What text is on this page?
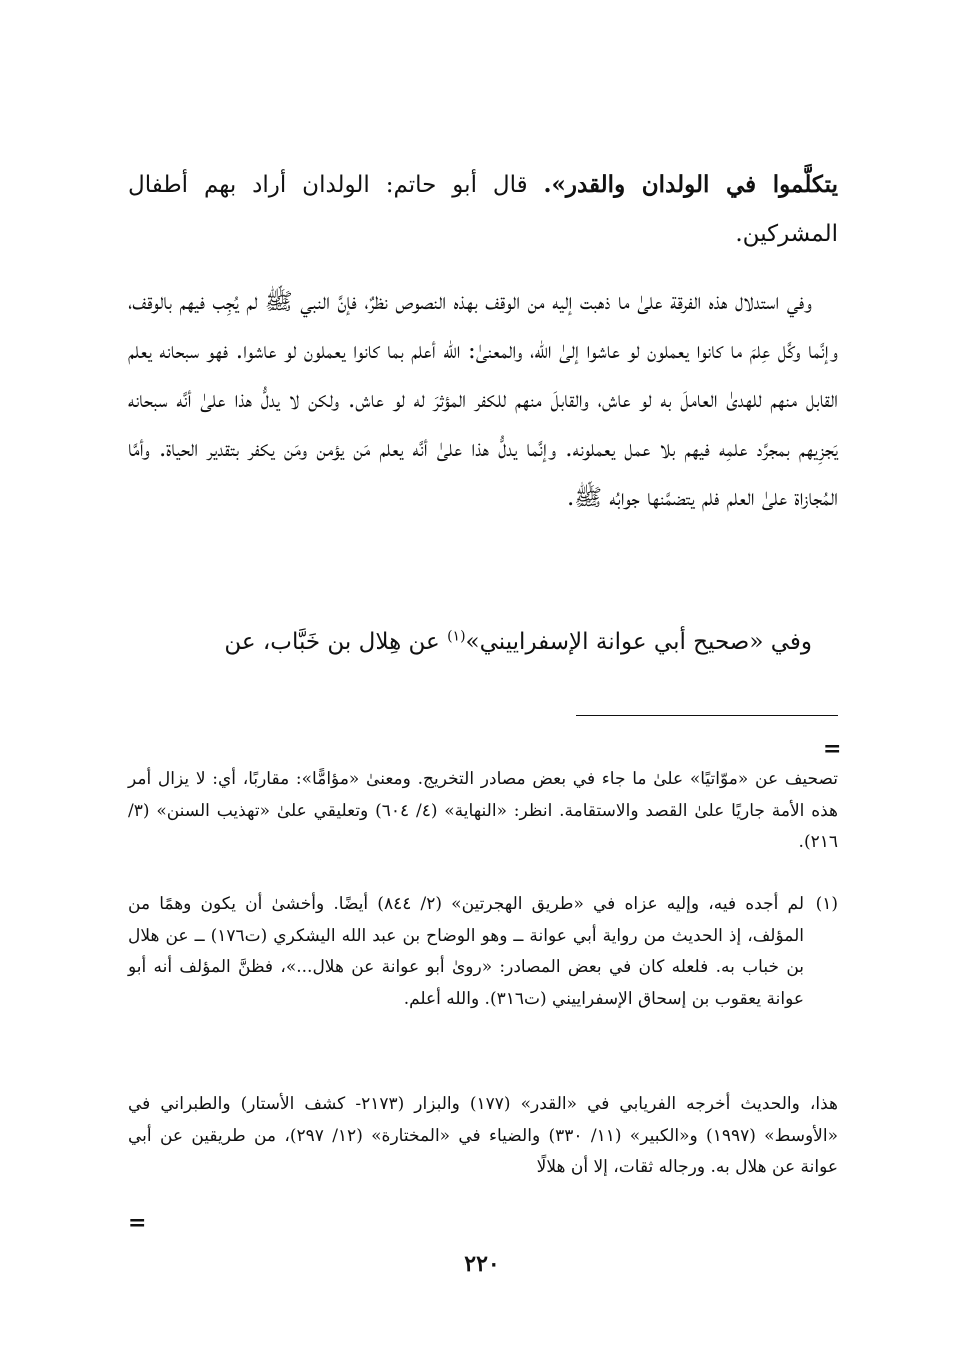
يتكلَّموا في الولدان والقدر». قال أبو حاتم: الولدان أراد بهم أطفال المشركين.
وفي استدلال هذه الفرقة علىٰ ما ذهبت إليه من الوقف بهذه النصوص نظرٌ، فإنَّ النبي ﷺ لم يُجِب فيهم بالوقف، وإنَّما وكَّل عِلمَ ما كانوا يعملون لو عاشوا إلىٰ الله، والمعنىٰ: الله أعلم بما كانوا يعملون لو عاشوا. فهو سبحانه يعلم القابل منهم للهدىٰ العاملَ به لو عاش، والقابلَ منهم للكفر المؤثرَ له لو عاش. ولكن لا يدلُّ هذا علىٰ أنَّه سبحانه يَجزِيهم بمجرَّد علمِه فيهم بلا عمل يعملونه. وإنَّما يدلُّ هذا علىٰ أنَّه يعلم مَن يؤمن ومَن يكفر بتقدير الحياة. وأمَّا المُجازاة علىٰ العلم فلم يتضمَّنها جوابُه ﷺ.
وفي «صحيح أبي عوانة الإسفراييني»$^{(١)}$ عن هِلال بن خَبَّاب، عن
=
تصحيف عن «موّاتيًا» علىٰ ما جاء في بعض مصادر التخريج. ومعنىٰ «مؤامًّا»: مقاربًا، أي: لا يزال أمر هذه الأمة جاريًا علىٰ القصد والاستقامة. انظر: «النهاية» (٤/ ٦٠٤) وتعليقي علىٰ «تهذيب السنن» (٣/ ٢١٦).
(١)
لم أجده فيه، وإليه عزاه في «طريق الهجرتين» (٢/ ٨٤٤) أيضًا. وأخشىٰ أن يكون وهمًا من المؤلف، إذ الحديث من رواية أبي عوانة ــ وهو الوضاح بن عبد الله اليشكري (ت١٧٦) ــ عن هلال بن خباب به. فلعله كان في بعض المصادر: «روىٰ أبو عوانة عن هلال...»، فظنَّ المؤلف أنه أبو عوانة يعقوب بن إسحاق الإسفراييني (ت٣١٦). والله أعلم.
هذا، والحديث أخرجه الفريابي في «القدر» (١٧٧) والبزار (٢١٧٣- كشف الأستار) والطبراني في «الأوسط» (١٩٩٧) و«الكبير» (١١/ ٣٣٠) والضياء في «المختارة» (١٢/ ٢٩٧)، من طريقين عن أبي عوانة عن هلال به. ورجاله ثقات، إلا أن هلالًا
=
٢٢٠
